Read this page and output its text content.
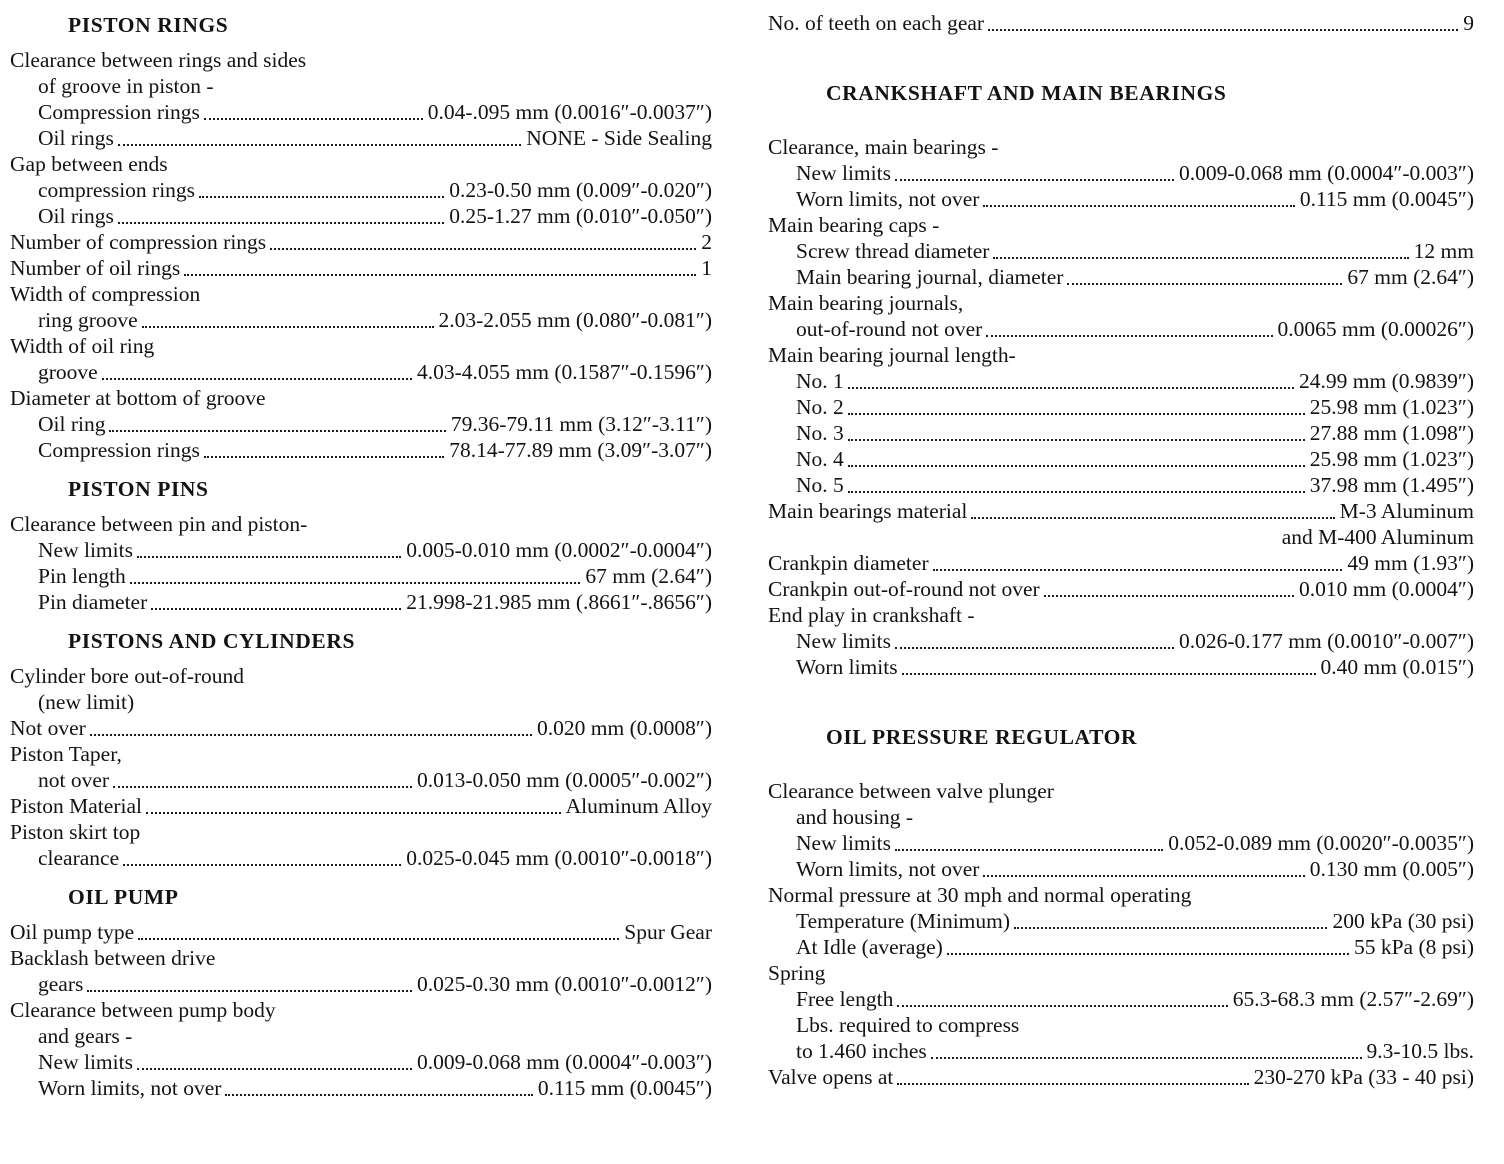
PISTON RINGS
Clearance between rings and sides
of groove in piston -
Compression rings	0.04-.095 mm (0.0016″-0.0037″)
Oil rings	NONE - Side Sealing
Gap between ends
compression rings	0.23-0.50 mm (0.009″-0.020″)
Oil rings	0.25-1.27 mm (0.010″-0.050″)
Number of compression rings	2
Number of oil rings	1
Width of compression
ring groove	2.03-2.055 mm (0.080″-0.081″)
Width of oil ring
groove	4.03-4.055 mm (0.1587″-0.1596″)
Diameter at bottom of groove
Oil ring	79.36-79.11 mm (3.12″-3.11″)
Compression rings	78.14-77.89 mm (3.09″-3.07″)
PISTON PINS
Clearance between pin and piston-
New limits	0.005-0.010 mm (0.0002″-0.0004″)
Pin length	67 mm (2.64″)
Pin diameter	21.998-21.985 mm (.8661″-.8656″)
PISTONS AND CYLINDERS
Cylinder bore out-of-round
(new limit)
Not over	0.020 mm (0.0008″)
Piston Taper,
not over	0.013-0.050 mm (0.0005″-0.002″)
Piston Material	Aluminum Alloy
Piston skirt top
clearance	0.025-0.045 mm (0.0010″-0.0018″)
OIL PUMP
Oil pump type	Spur Gear
Backlash between drive
gears	0.025-0.30 mm (0.0010″-0.0012″)
Clearance between pump body
and gears -
New limits	0.009-0.068 mm (0.0004″-0.003″)
Worn limits, not over	0.115 mm (0.0045″)
No. of teeth on each gear	9
CRANKSHAFT AND MAIN BEARINGS
Clearance, main bearings -
New limits	0.009-0.068 mm (0.0004″-0.003″)
Worn limits, not over	0.115 mm (0.0045″)
Main bearing caps -
Screw thread diameter	12 mm
Main bearing journal, diameter	67 mm (2.64″)
Main bearing journals,
out-of-round not over	0.0065 mm (0.00026″)
Main bearing journal length-
No. 1	24.99 mm (0.9839″)
No. 2	25.98 mm (1.023″)
No. 3	27.88 mm (1.098″)
No. 4	25.98 mm (1.023″)
No. 5	37.98 mm (1.495″)
Main bearings material	M-3 Aluminum
and M-400 Aluminum
Crankpin diameter	49 mm (1.93″)
Crankpin out-of-round not over	0.010 mm (0.0004″)
End play in crankshaft -
New limits	0.026-0.177 mm (0.0010″-0.007″)
Worn limits	0.40 mm (0.015″)
OIL PRESSURE REGULATOR
Clearance between valve plunger
and housing -
New limits	0.052-0.089 mm (0.0020″-0.0035″)
Worn limits, not over	0.130 mm (0.005″)
Normal pressure at 30 mph and normal operating
Temperature (Minimum)	200 kPa (30 psi)
At Idle (average)	55 kPa (8 psi)
Spring
Free length	65.3-68.3 mm (2.57″-2.69″)
Lbs. required to compress
to 1.460 inches	9.3-10.5 lbs.
Valve opens at	230-270 kPa (33 - 40 psi)
